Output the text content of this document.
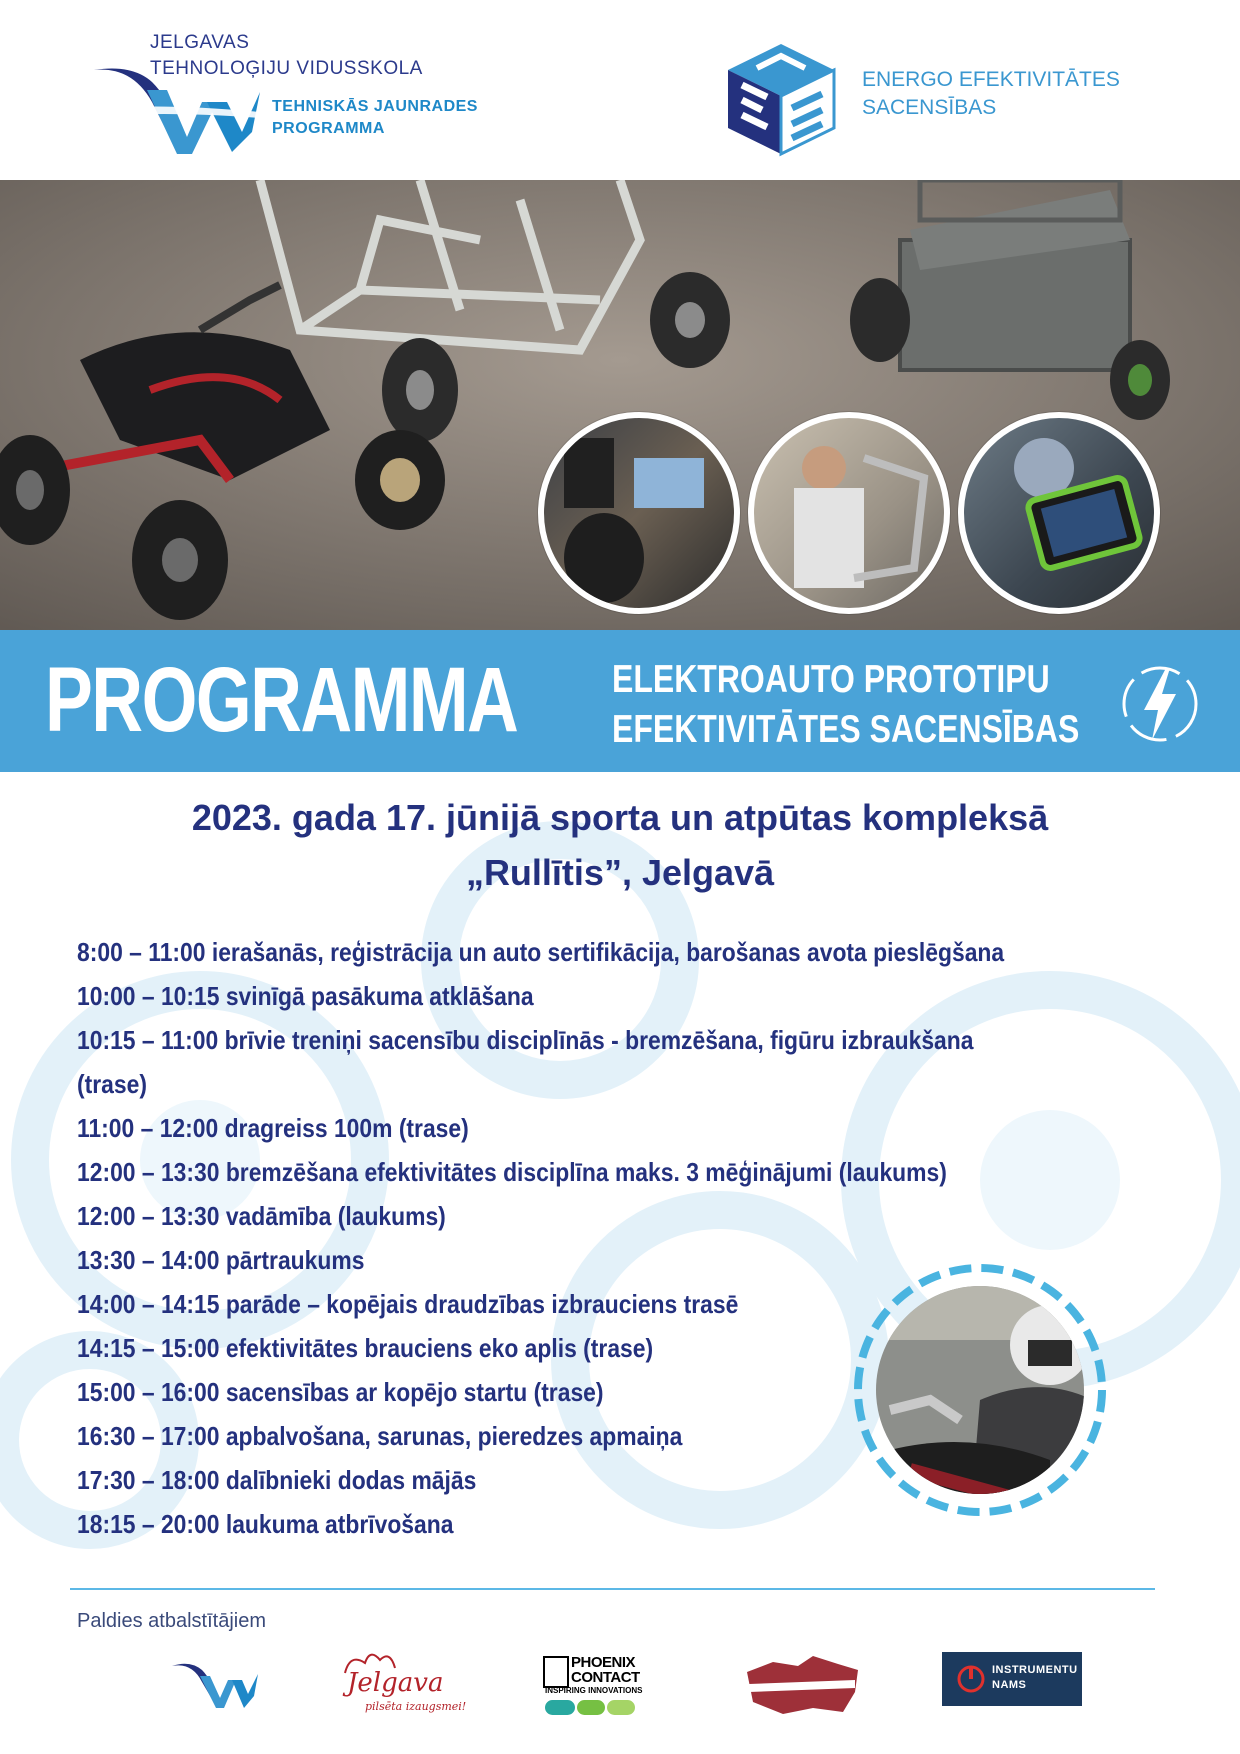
JELGAVAS
TEHNOLOĢIJU VIDUSSKOLA
TEHNISKĀS JAUNRADES
PROGRAMMA
ENERGO EFEKTIVITĀTES
SACENSĪBAS
PROGRAMMA ELEKTROAUTO PROTOTIPU
EFEKTIVITĀTES SACENSĪBAS
2023. gada 17. jūnijā sporta un atpūtas kompleksā
„Rullītis”, Jelgavā
8:00 – 11:00 ierašanās, reģistrācija un auto sertifikācija, barošanas avota pieslēgšana
10:00 – 10:15 svinīgā pasākuma atklāšana
10:15 – 11:00 brīvie treniņi sacensību disciplīnās - bremzēšana, figūru izbraukšana
(trase)
11:00 – 12:00 dragreiss 100m (trase)
12:00 – 13:30 bremzēšana efektivitātes disciplīna maks. 3 mēģinājumi (laukums)
12:00 – 13:30 vadāmība (laukums)
13:30 – 14:00 pārtraukums
14:00 – 14:15 parāde – kopējais draudzības izbrauciens trasē
14:15 – 15:00 efektivitātes brauciens eko aplis (trase)
15:00 – 16:00 sacensības ar kopējo startu (trase)
16:30 – 17:00 apbalvošana, sarunas, pieredzes apmaiņa
17:30 – 18:00 dalībnieki dodas mājās
18:15 – 20:00 laukuma atbrīvošana
Paldies atbalstītājiem
Jelgava
pilsēta izaugsmei!
PHOENIX
CONTACT
INSPIRING INNOVATIONS
INSTRUMENTU
NAMS
